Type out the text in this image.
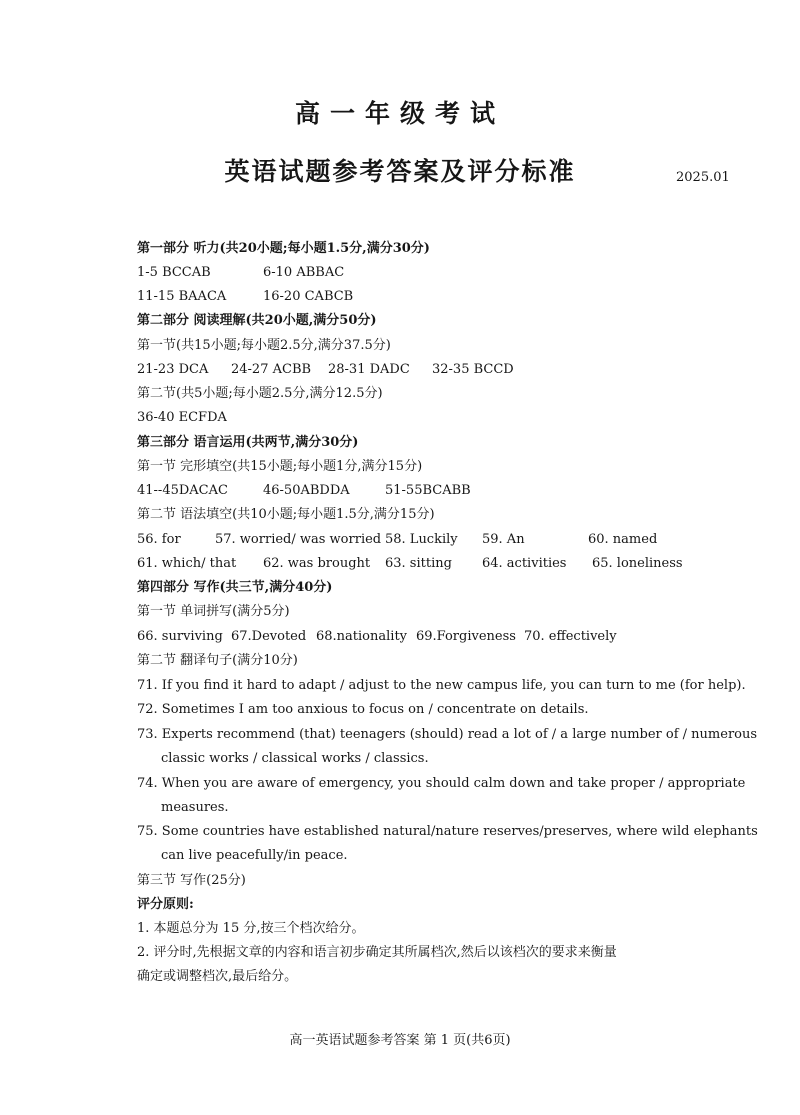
高一年级考试
英语试题参考答案及评分标准	2025.01
第一部分 听力(共20小题;每小题1.5分,满分30分)
1-5 BCCAB	6-10 ABBAC
11-15 BAACA	16-20 CABCB
第二部分 阅读理解(共20小题,满分50分)
第一节(共15小题;每小题2.5分,满分37.5分)
21-23 DCA 24-27 ACBB 28-31 DADC 32-35 BCCD
第二节(共5小题;每小题2.5分,满分12.5分)
36-40 ECFDA
第三部分 语言运用(共两节,满分30分)
第一节 完形填空(共15小题;每小题1分,满分15分)
41--45DACAC	46-50ABDDA	51-55BCABB
第二节 语法填空(共10小题;每小题1.5分,满分15分)
56. for	57. worried/ was worried 58. Luckily 59. An	60. named
61. which/ that 62. was brought 63. sitting 64. activities 65. loneliness
第四部分 写作(共三节,满分40分)
第一节 单词拼写(满分5分)
66. surviving 67.Devoted 68.nationality 69.Forgiveness 70. effectively
第二节 翻译句子(满分10分)
71. If you find it hard to adapt / adjust to the new campus life, you can turn to me (for help).
72. Sometimes I am too anxious to focus on / concentrate on details.
73. Experts recommend (that) teenagers (should) read a lot of / a large number of / numerous
classic works / classical works / classics.
74. When you are aware of emergency, you should calm down and take proper / appropriate
measures.
75. Some countries have established natural/nature reserves/preserves, where wild elephants
can live peacefully/in peace.
第三节 写作(25分)
评分原则:
1. 本题总分为 15 分,按三个档次给分。
2. 评分时,先根据文章的内容和语言初步确定其所属档次,然后以该档次的要求来衡量
确定或调整档次,最后给分。
高一英语试题参考答案 第 1 页(共6页)
